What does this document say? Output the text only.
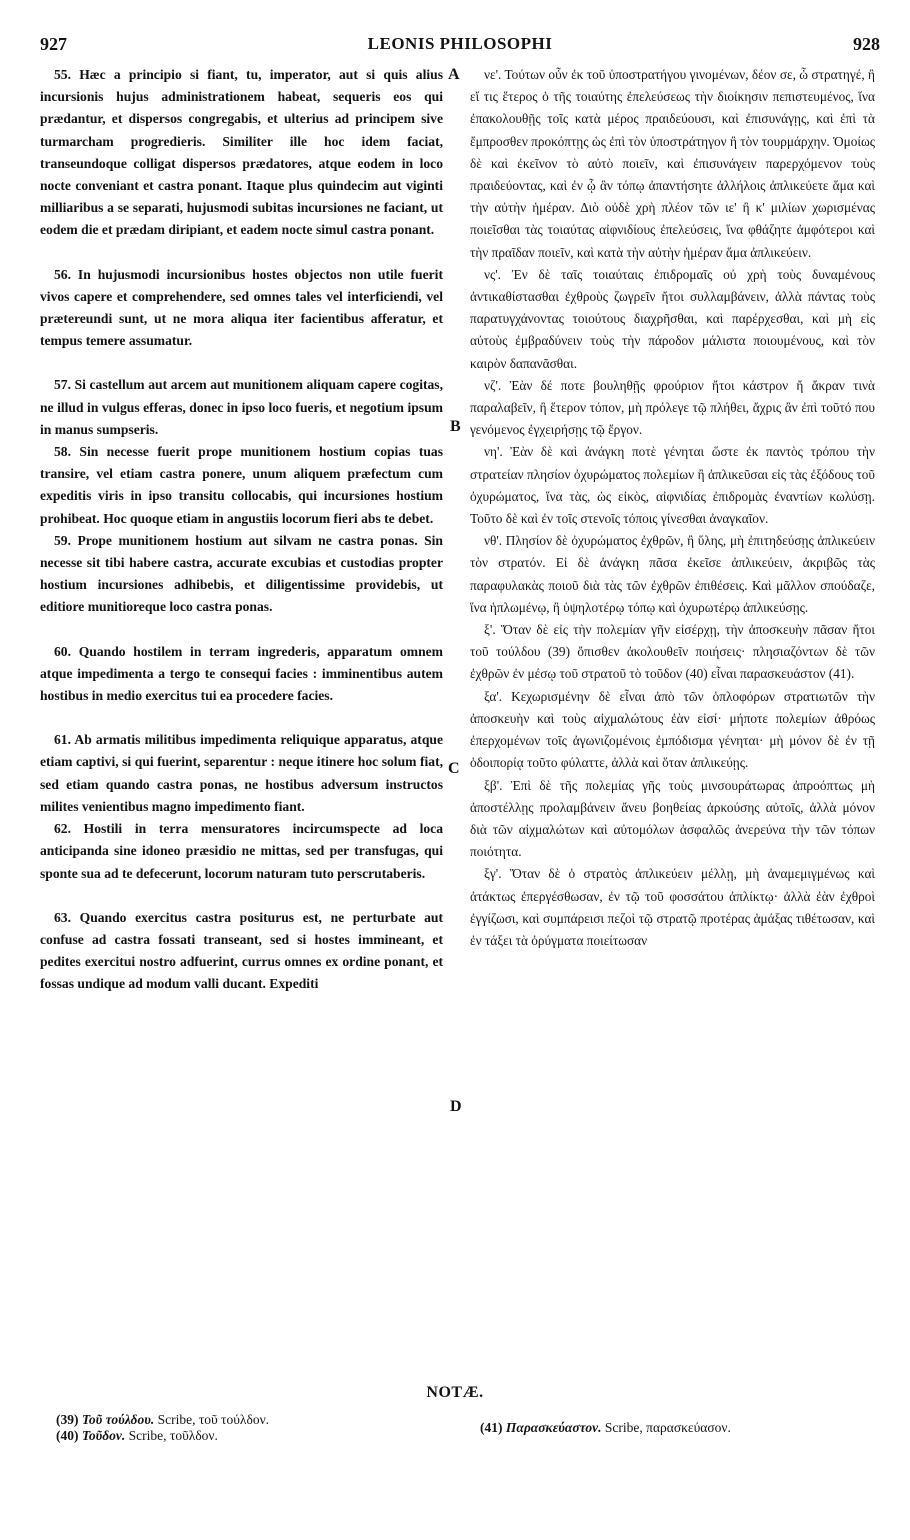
927	LEONIS PHILOSOPHI	928

55. Hæc a principio si fiant, tu, imperator, aut si quis alius incursionis hujus administrationem habeat, sequeris eos qui prædantur, et dispersos congregabis, et ulterius ad principem sive turmarcham progredieris. Similiter ille hoc idem faciat, transeundoque colligat dispersos prædatores, atque eodem in loco nocte conveniant et castra ponant. Itaque plus quindecim aut viginti milliaribus a se separati, hujusmodi subitas incursiones ne faciant, ut eodem die et prædam diripiant, et eadem nocte simul castra ponant.

56. In hujusmodi incursionibus hostes objectos non utile fuerit vivos capere et comprehendere, sed omnes tales vel interficiendi, vel prætereundi sunt, ut ne mora aliqua iter facientibus afferatur, et tempus temere assumatur.

57. Si castellum aut arcem aut munitionem aliquam capere cogitas, ne illud in vulgus efferas, donec in ipso loco fueris, et negotium ipsum in manus sumpseris.

58. Sin necesse fuerit prope munitionem hostium copias tuas transire, vel etiam castra ponere, unum aliquem præfectum cum expeditis viris in ipso transitu collocabis, qui incursiones hostium prohibeat. Hoc quoque etiam in angustiis locorum fieri abs te debet.

59. Prope munitionem hostium aut silvam ne castra ponas. Sin necesse sit tibi habere castra, accurate excubias et custodias propter hostium incursiones adhibebis, et diligentissime providebis, ut editiore munitioreque loco castra ponas.

60. Quando hostilem in terram ingrederis, apparatum omnem atque impedimenta a tergo te consequi facies : imminentibus autem hostibus in medio exercitus tui ea procedere facies.

61. Ab armatis militibus impedimenta reliquique apparatus, atque etiam captivi, si qui fuerint, separentur : neque itinere hoc solum fiat, sed etiam quando castra ponas, ne hostibus adversum instructos milites venientibus magno impedimento fiant.

62. Hostili in terra mensuratores incircumspecte ad loca anticipanda sine idoneo præsidio ne mittas, sed per transfugas, qui sponte sua ad te defecerunt, locorum naturam tuto perscrutaberis.

63. Quando exercitus castra positurus est, ne perturbate aut confuse ad castra fossati transeant, sed si hostes immineant, et pedites exercitui nostro adfuerint, currus omnes ex ordine ponant, et fossas undique ad modum valli ducant. Expediti

A
B
C
D

νε'. Τούτων οὖν ἐκ τοῦ ὑποστρατήγου γινομένων, δέον σε, ὦ στρατηγέ, ἢ εἴ τις ἕτερος ὁ τῆς τοιαύτης ἐπελεύσεως τὴν διοίκησιν πεπιστευμένος, ἵνα ἐπακολουθῇς τοῖς κατὰ μέρος πραιδεύουσι, καὶ ἐπισυνάγῃς, καὶ ἐπὶ τὰ ἔμπροσθεν προκόπτῃς ὡς ἐπὶ τὸν ὑποστράτηγον ἢ τὸν τουρμάρχην. Ὁμοίως δὲ καὶ ἐκεῖνον τὸ αὐτὸ ποιεῖν, καὶ ἐπισυνάγειν παρερχόμενον τοὺς πραιδεύοντας, καὶ ἐν ᾧ ἂν τόπῳ ἀπαντήσητε ἀλλήλοις ἀπλικεύετε ἅμα καὶ τὴν αὐτὴν ἡμέραν. Διὸ οὐδὲ χρὴ πλέον τῶν ιε' ἢ κ' μιλίων χωρισμένας ποιεῖσθαι τὰς τοιαύτας αἰφνιδίους ἐπελεύσεις, ἵνα φθάζητε ἀμφότεροι καὶ τὴν πραῖδαν ποιεῖν, καὶ κατὰ τὴν αὐτὴν ἡμέραν ἅμα ἀπλικεύειν.

νς'. Ἐν δὲ ταῖς τοιαύταις ἐπιδρομαῖς οὐ χρὴ τοὺς δυναμένους ἀντικαθίστασθαι ἐχθροὺς ζωγρεῖν ἤτοι συλλαμβάνειν, ἀλλὰ πάντας τοὺς παρατυγχάνοντας τοιούτους διαχρῆσθαι, καὶ παρέρχεσθαι, καὶ μὴ εἰς αὐτοὺς ἐμβραδύνειν τοὺς τὴν πάροδον μάλιστα ποιουμένους, καὶ τὸν καιρὸν δαπανᾶσθαι.

νζ'. Ἐὰν δέ ποτε βουληθῇς φρούριον ἤτοι κάστρον ἤ ἄκραν τινὰ παραλαβεῖν, ἢ ἕτερον τόπον, μὴ πρόλεγε τῷ πλήθει, ἄχρις ἂν ἐπὶ τοῦτό που γενόμενος ἐγχειρήσῃς τῷ ἔργον.

νη'. Ἐὰν δὲ καὶ ἀνάγκη ποτὲ γένηται ὥστε ἐκ παντὸς τρόπου τὴν στρατείαν πλησίον ὀχυρώματος πολεμίων ἢ ἀπλικεῦσαι εἰς τὰς ἐξόδους τοῦ ὀχυρώματος, ἵνα τὰς, ὡς εἰκὸς, αἰφνιδίας ἐπιδρομὰς ἐναντίων κωλύσῃ. Τοῦτο δὲ καὶ ἐν τοῖς στενοῖς τόποις γίνεσθαι ἀναγκαῖον.

νθ'. Πλησίον δὲ ὀχυρώματος ἐχθρῶν, ἢ ὕλης, μὴ ἐπιτηδεύσῃς ἀπλικεύειν τὸν στρατόν. Εἰ δὲ ἀνάγκη πᾶσα ἐκεῖσε ἀπλικεύειν, ἀκριβῶς τὰς παραφυλακὰς ποιοῦ διὰ τὰς τῶν ἐχθρῶν ἐπιθέσεις. Καὶ μᾶλλον σπούδαζε, ἵνα ἡπλωμένῳ, ἢ ὑψηλοτέρῳ τόπῳ καὶ ὀχυρωτέρῳ ἀπλικεύσῃς.

ξ'. Ὅταν δὲ εἰς τὴν πολεμίαν γῆν εἰσέρχῃ, τὴν ἀποσκευὴν πᾶσαν ἤτοι τοῦ τούλδου (39) ὄπισθεν ἀκολουθεῖν ποιήσεις· πλησιαζόντων δὲ τῶν ἐχθρῶν ἐν μέσῳ τοῦ στρατοῦ τὸ τοῦδον (40) εἶναι παρασκευάστον (41).

ξα'. Κεχωρισμένην δὲ εἶναι ἀπὸ τῶν ὁπλοφόρων στρατιωτῶν τὴν ἀποσκευὴν καὶ τοὺς αἰχμαλώτους ἐὰν εἰσί· μήποτε πολεμίων ἀθρόως ἐπερχομένων τοῖς ἀγωνιζομένοις ἐμπόδισμα γένηται· μὴ μόνον δὲ ἐν τῇ ὁδοιπορίᾳ τοῦτο φύλαττε, ἀλλὰ καὶ ὅταν ἀπλικεύῃς.

ξβ'. Ἐπὶ δὲ τῆς πολεμίας γῆς τοὺς μινσουράτωρας ἀπροόπτως μὴ ἀποστέλλῃς προλαμβάνειν ἄνευ βοηθείας ἀρκούσης αὐτοῖς, ἀλλὰ μόνον διὰ τῶν αἰχμαλώτων καὶ αὐτομόλων ἀσφαλῶς ἀνερεύνα τὴν τῶν τόπων ποιότητα.

ξγ'. Ὅταν δὲ ὁ στρατὸς ἀπλικεύειν μέλλῃ, μὴ ἀναμεμιγμένως καὶ ἀτάκτως ἐπεργέσθωσαν, ἐν τῷ τοῦ φοσσάτου ἀπλίκτῳ· ἀλλὰ ἐὰν ἐχθροὶ ἐγγίζωσι, καὶ συμπάρεισι πεζοὶ τῷ στρατῷ προτέρας ἁμάξας τιθέτωσαν, καὶ ἐν τάξει τὰ ὀρύγματα ποιείτωσαν

NOTÆ.
(39) Τοῦ τούλδου. Scribe, τοῦ τούλδον.
(40) Τοῦδον. Scribe, τοῦλδον.
(41) Παρασκεύαστον. Scribe, παρασκεύασον.
